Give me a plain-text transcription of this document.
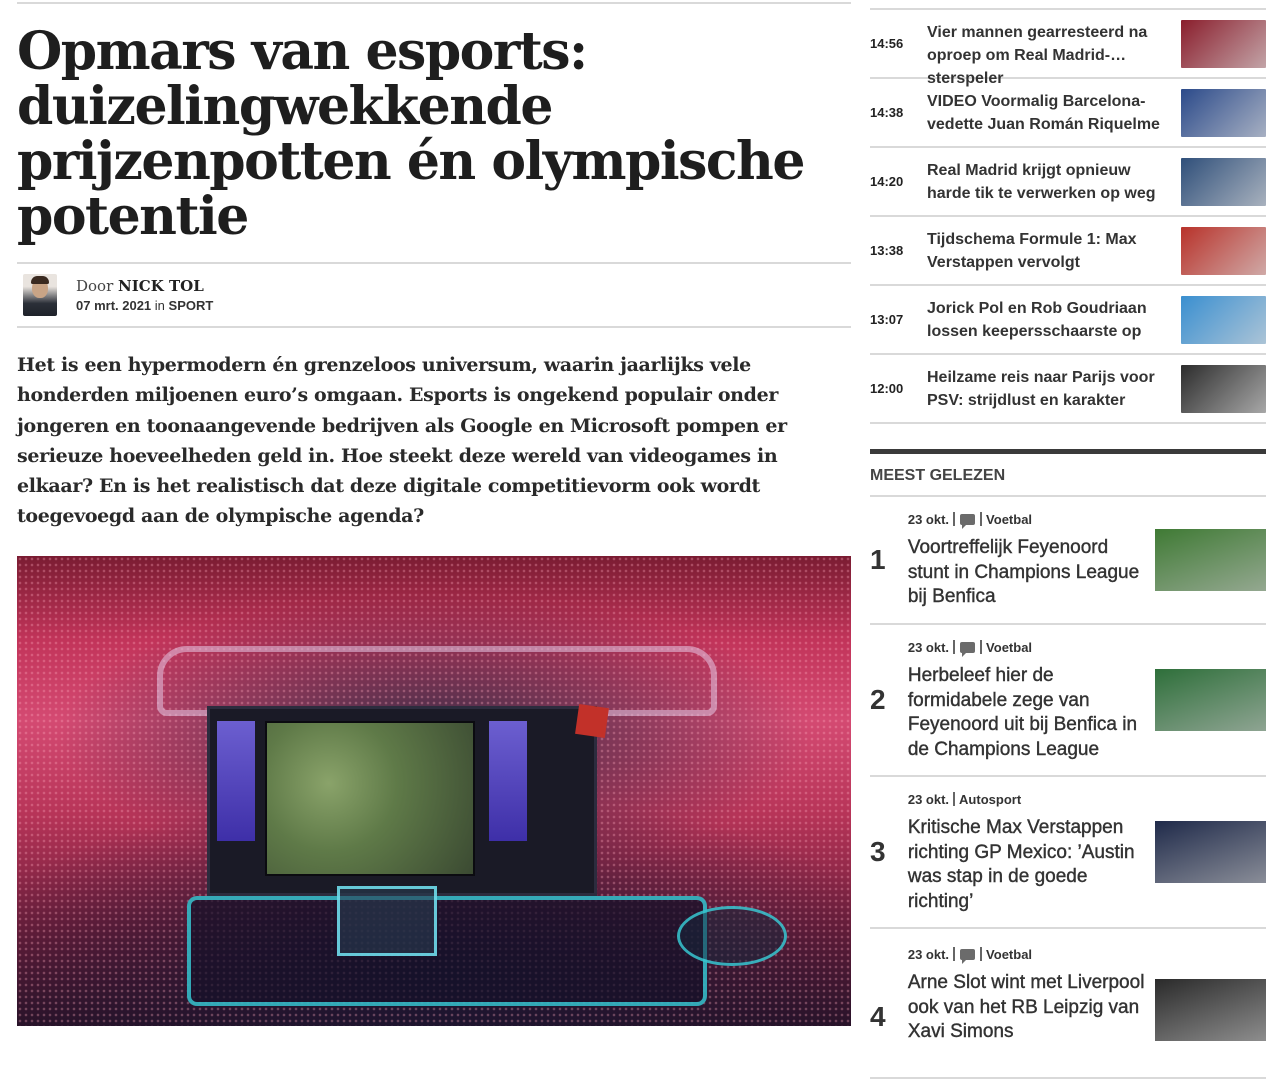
Opmars van esports: duizelingwekkende prijzenpotten én olympische potentie
Door NICK TOL
07 mrt. 2021 in SPORT

Het is een hypermodern én grenzeloos universum, waarin jaarlijks vele honderden miljoenen euro’s omgaan. Esports is ongekend populair onder jongeren en toonaangevende bedrijven als Google en Microsoft pompen er serieuze hoeveelheden geld in. Hoe steekt deze wereld van videogames in elkaar? En is het realistisch dat deze digitale competitievorm ook wordt toegevoegd aan de olympische agenda?

14:56
Vier mannen gearresteerd na oproep om Real Madrid-sterspeler
14:38
VIDEO Voormalig Barcelona-vedette Juan Román Riquelme
14:20
Real Madrid krijgt opnieuw harde tik te verwerken op weg
13:38
Tijdschema Formule 1: Max Verstappen vervolgt
13:07
Jorick Pol en Rob Goudriaan lossen keepersschaarste op
12:00
Heilzame reis naar Parijs voor PSV: strijdlust en karakter
MEEST GELEZEN
1
23 okt.	Voetbal
Voortreffelijk Feyenoord stunt in Champions League bij Benfica
2
23 okt.	Voetbal
Herbeleef hier de formidabele zege van Feyenoord uit bij Benfica in de Champions League
3
23 okt. Autosport
Kritische Max Verstappen richting GP Mexico: ’Austin was stap in de goede richting’
4
23 okt.	Voetbal
Arne Slot wint met Liverpool ook van het RB Leipzig van Xavi Simons
